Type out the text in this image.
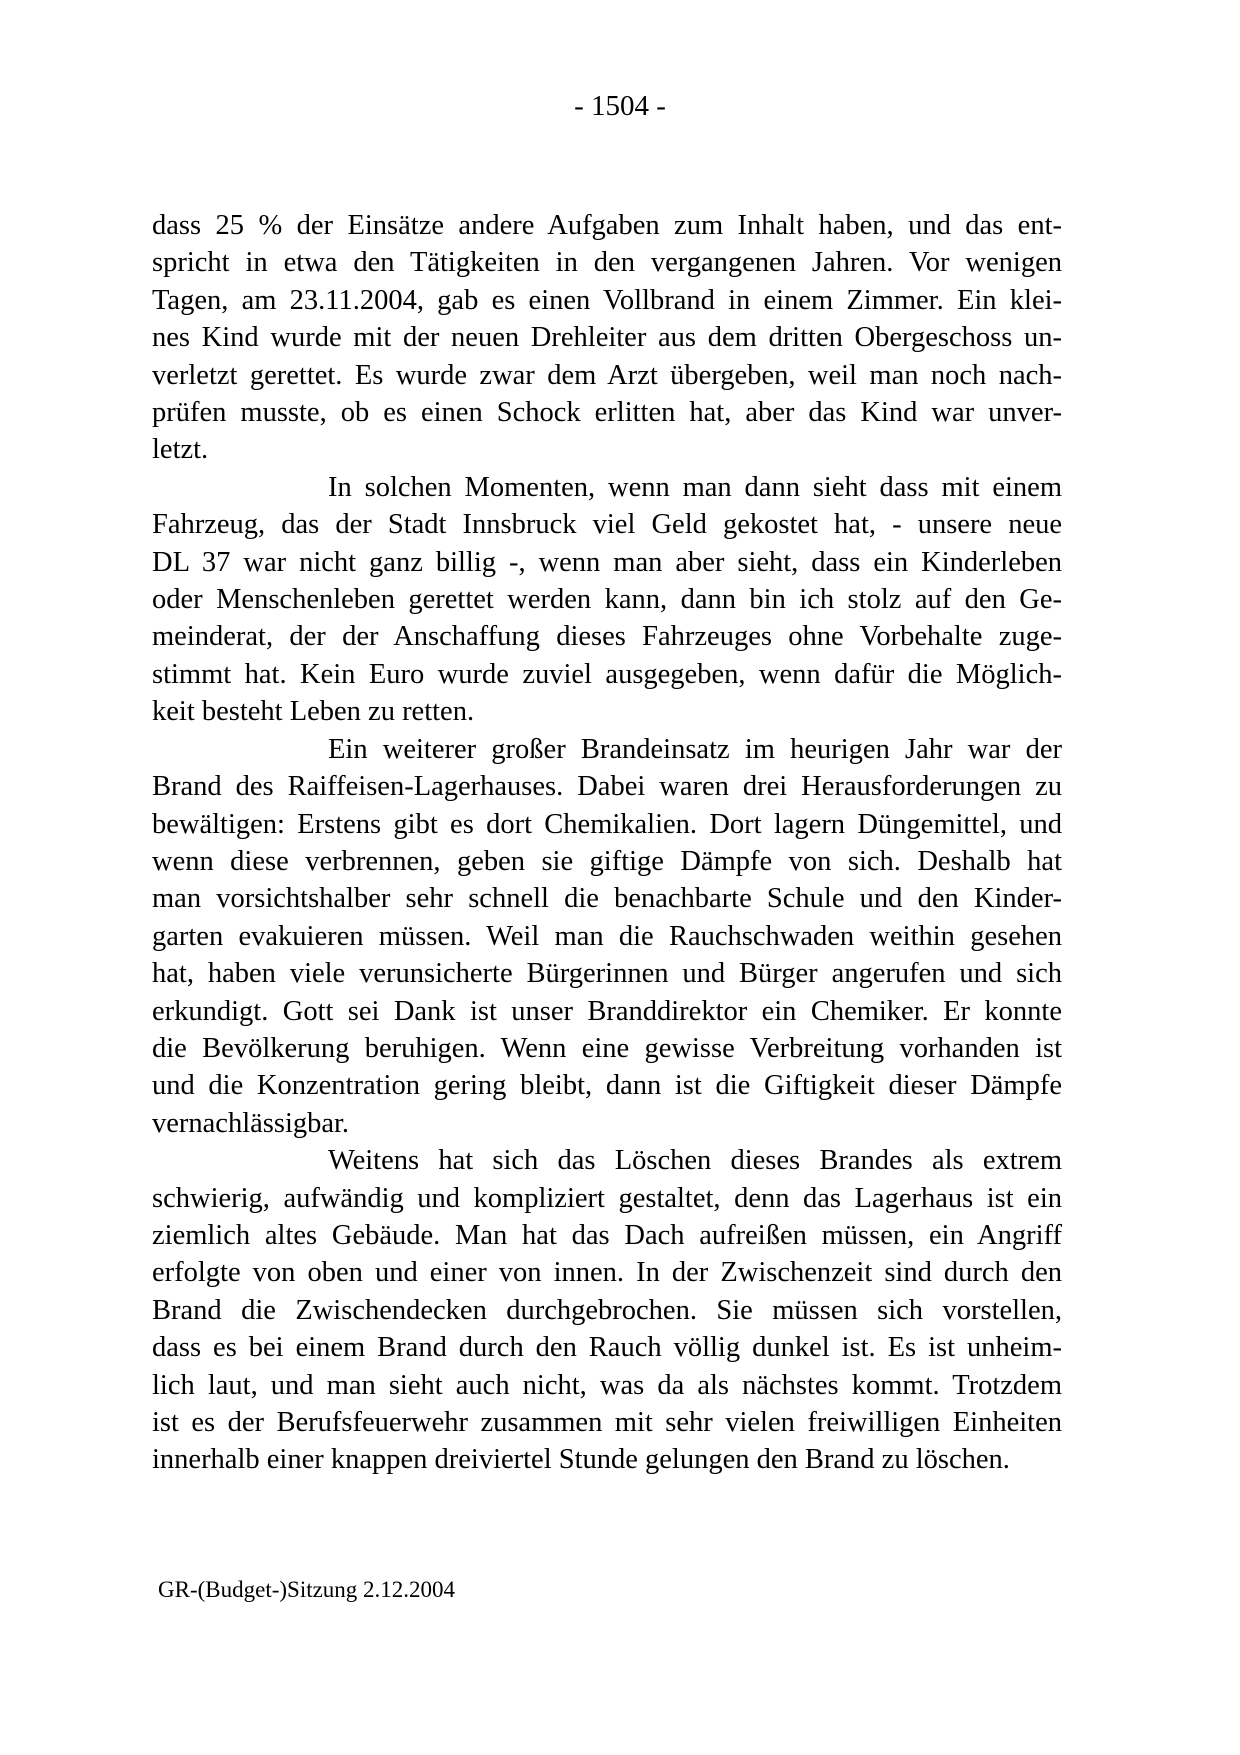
- 1504 -
dass 25 % der Einsätze andere Aufgaben zum Inhalt haben, und das ent-
spricht in etwa den Tätigkeiten in den vergangenen Jahren. Vor wenigen
Tagen, am 23.11.2004, gab es einen Vollbrand in einem Zimmer. Ein klei-
nes Kind wurde mit der neuen Drehleiter aus dem dritten Obergeschoss un-
verletzt gerettet. Es wurde zwar dem Arzt übergeben, weil man noch nach-
prüfen musste, ob es einen Schock erlitten hat, aber das Kind war unver-
letzt.
In solchen Momenten, wenn man dann sieht dass mit einem
Fahrzeug, das der Stadt Innsbruck viel Geld gekostet hat, - unsere neue
DL 37 war nicht ganz billig -, wenn man aber sieht, dass ein Kinderleben
oder Menschenleben gerettet werden kann, dann bin ich stolz auf den Ge-
meinderat, der der Anschaffung dieses Fahrzeuges ohne Vorbehalte zuge-
stimmt hat. Kein Euro wurde zuviel ausgegeben, wenn dafür die Möglich-
keit besteht Leben zu retten.
Ein weiterer großer Brandeinsatz im heurigen Jahr war der
Brand des Raiffeisen-Lagerhauses. Dabei waren drei Herausforderungen zu
bewältigen: Erstens gibt es dort Chemikalien. Dort lagern Düngemittel, und
wenn diese verbrennen, geben sie giftige Dämpfe von sich. Deshalb hat
man vorsichtshalber sehr schnell die benachbarte Schule und den Kinder-
garten evakuieren müssen. Weil man die Rauchschwaden weithin gesehen
hat, haben viele verunsicherte Bürgerinnen und Bürger angerufen und sich
erkundigt. Gott sei Dank ist unser Branddirektor ein Chemiker. Er konnte
die Bevölkerung beruhigen. Wenn eine gewisse Verbreitung vorhanden ist
und die Konzentration gering bleibt, dann ist die Giftigkeit dieser Dämpfe
vernachlässigbar.
Weitens hat sich das Löschen dieses Brandes als extrem
schwierig, aufwändig und kompliziert gestaltet, denn das Lagerhaus ist ein
ziemlich altes Gebäude. Man hat das Dach aufreißen müssen, ein Angriff
erfolgte von oben und einer von innen. In der Zwischenzeit sind durch den
Brand die Zwischendecken durchgebrochen. Sie müssen sich vorstellen,
dass es bei einem Brand durch den Rauch völlig dunkel ist. Es ist unheim-
lich laut, und man sieht auch nicht, was da als nächstes kommt. Trotzdem
ist es der Berufsfeuerwehr zusammen mit sehr vielen freiwilligen Einheiten
innerhalb einer knappen dreiviertel Stunde gelungen den Brand zu löschen.
GR-(Budget-)Sitzung 2.12.2004
